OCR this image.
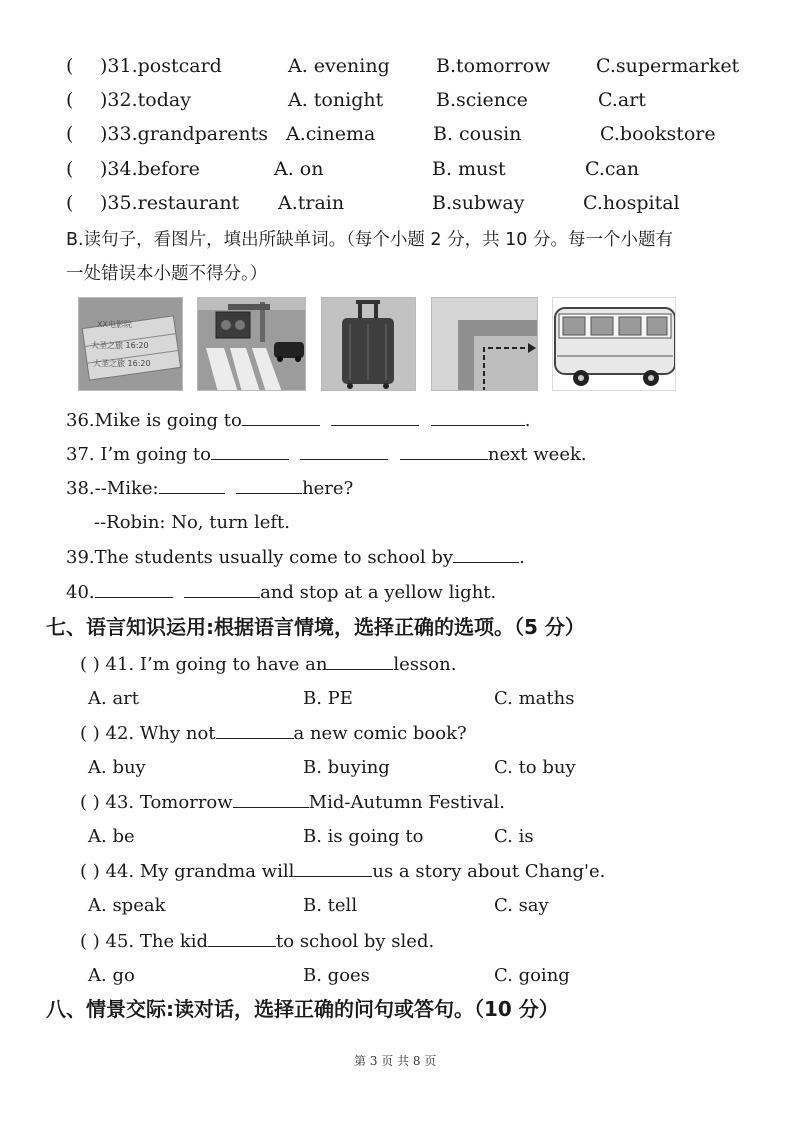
( )31.postcard	A. evening B.tomorrow C.supermarket
( )32.today	A. tonight	B.science	C.art
( )33.grandparents A.cinema	B. cousin	C.bookstore
( )34.before	A. on	B. must	C.can
( )35.restaurant A.train	B.subway	C.hospital
B.读句子，看图片，填出所缺单词。（每个小题 2 分，共 10 分。每一个小题有
一处错误本小题不得分。）
XX电影院
大圣之旅 16:20
大圣之旅 16:20
36.Mike is going to	.
37. I’m going to	next week.
38.--Mike:	here?
--Robin: No, turn left.
39.The students usually come to school by	.
40.	and stop at a yellow light.
七、语言知识运用:根据语言情境，选择正确的选项。（5 分）
( ) 41. I’m going to have an	lesson.
A. art	B. PE	C. maths
( ) 42. Why not	a new comic book?
A. buy	B. buying	C. to buy
( ) 43. Tomorrow	Mid-Autumn Festival.
A. be	B. is going to	C. is
( ) 44. My grandma will	us a story about Chang'e.
A. speak	B. tell	C. say
( ) 45. The kid	to school by sled.
A. go	B. goes	C. going
八、情景交际:读对话，选择正确的问句或答句。（10 分）
第 3 页 共 8 页
